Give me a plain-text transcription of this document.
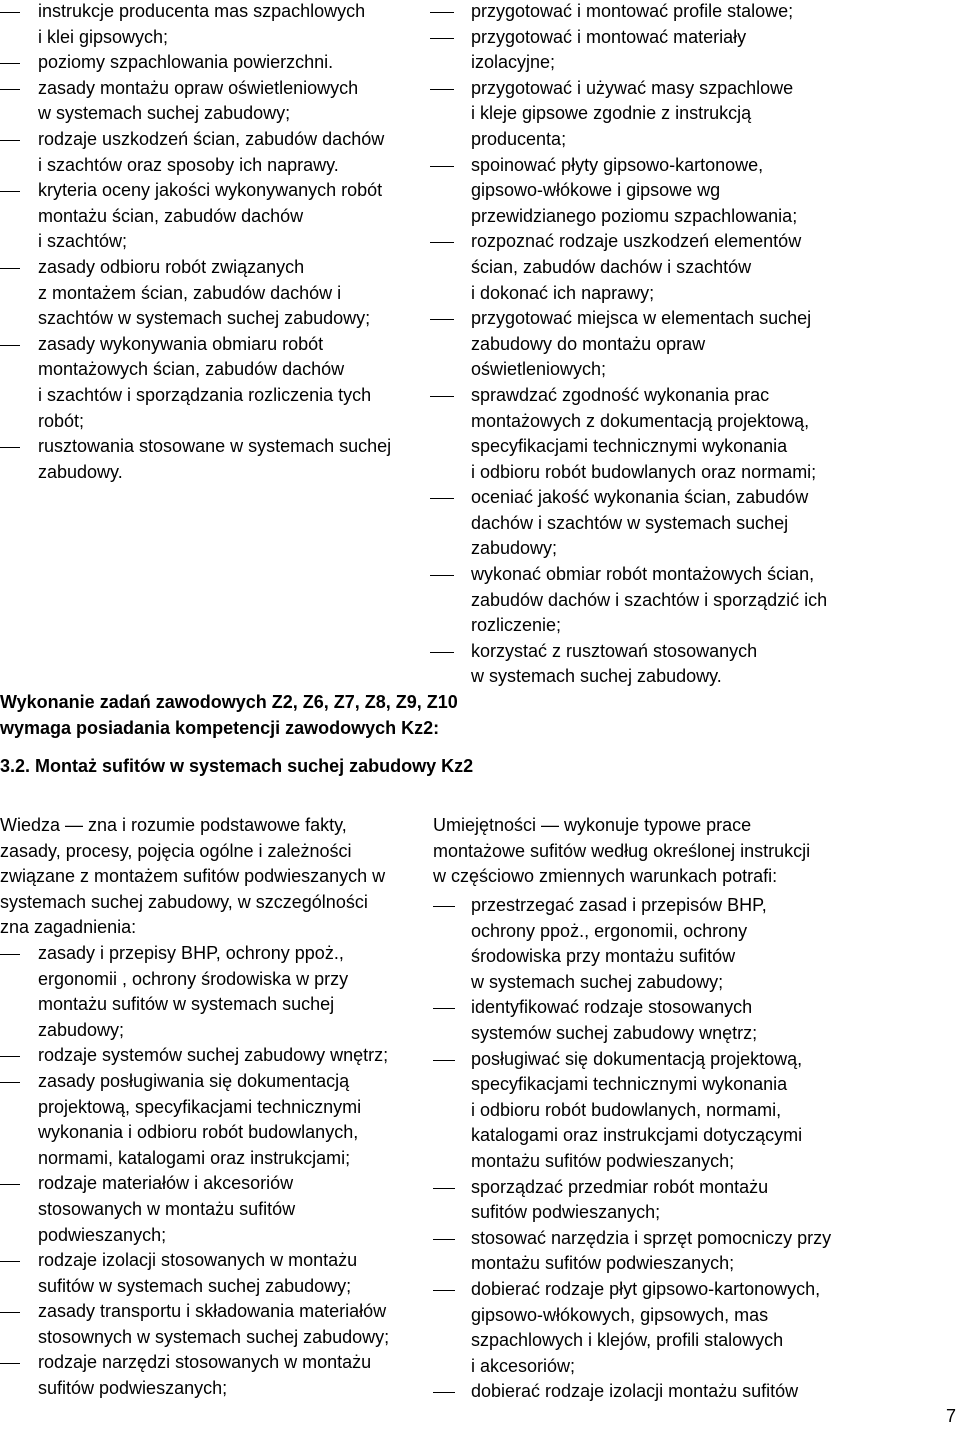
instrukcje producenta mas szpachlowych
i klei gipsowych;
poziomy szpachlowania powierzchni.
zasady montażu opraw oświetleniowych
w systemach suchej zabudowy;
rodzaje uszkodzeń ścian, zabudów dachów
i szachtów oraz sposoby ich naprawy.
kryteria oceny jakości wykonywanych robót
montażu ścian, zabudów dachów
i szachtów;
zasady odbioru robót związanych
z montażem ścian, zabudów dachów i
szachtów w systemach suchej zabudowy;
zasady wykonywania obmiaru robót
montażowych ścian, zabudów dachów
i szachtów i sporządzania rozliczenia tych
robót;
rusztowania stosowane w systemach suchej
zabudowy.
przygotować i montować profile stalowe;
przygotować i montować materiały
izolacyjne;
przygotować i używać masy szpachlowe
i kleje gipsowe zgodnie z instrukcją
producenta;
spoinować płyty gipsowo-kartonowe,
gipsowo-włókowe i gipsowe wg
przewidzianego poziomu szpachlowania;
rozpoznać rodzaje uszkodzeń elementów
ścian, zabudów dachów i szachtów
i dokonać ich naprawy;
przygotować miejsca w elementach suchej
zabudowy do montażu opraw
oświetleniowych;
sprawdzać zgodność wykonania prac
montażowych z dokumentacją projektową,
specyfikacjami technicznymi wykonania
i odbioru robót budowlanych oraz normami;
oceniać jakość wykonania ścian, zabudów
dachów i szachtów w systemach suchej
zabudowy;
wykonać obmiar robót montażowych ścian,
zabudów dachów i szachtów i sporządzić ich
rozliczenie;
korzystać z rusztowań stosowanych
w systemach suchej zabudowy.
Wykonanie zadań zawodowych Z2, Z6, Z7, Z8, Z9, Z10
wymaga posiadania kompetencji zawodowych Kz2:
3.2. Montaż sufitów w systemach suchej zabudowy Kz2
Wiedza — zna i rozumie podstawowe fakty,
zasady, procesy, pojęcia ogólne i zależności
związane z montażem sufitów podwieszanych w
systemach suchej zabudowy, w szczególności
zna zagadnienia:
zasady i przepisy BHP, ochrony ppoż.,
ergonomii , ochrony środowiska w przy
montażu sufitów w systemach suchej
zabudowy;
rodzaje systemów suchej zabudowy wnętrz;
zasady posługiwania się dokumentacją
projektową, specyfikacjami technicznymi
wykonania i odbioru robót budowlanych,
normami, katalogami oraz instrukcjami;
rodzaje materiałów i akcesoriów
stosowanych w montażu sufitów
podwieszanych;
rodzaje izolacji stosowanych w montażu
sufitów w systemach suchej zabudowy;
zasady transportu i składowania materiałów
stosownych w systemach suchej zabudowy;
rodzaje narzędzi stosowanych w montażu
sufitów podwieszanych;
Umiejętności — wykonuje typowe prace
montażowe sufitów według określonej instrukcji
w częściowo zmiennych warunkach potrafi:
przestrzegać zasad i przepisów BHP,
ochrony ppoż., ergonomii, ochrony
środowiska przy montażu sufitów
w systemach suchej zabudowy;
identyfikować rodzaje stosowanych
systemów suchej zabudowy wnętrz;
posługiwać się dokumentacją projektową,
specyfikacjami technicznymi wykonania
i odbioru robót budowlanych, normami,
katalogami oraz instrukcjami dotyczącymi
montażu sufitów podwieszanych;
sporządzać przedmiar robót montażu
sufitów podwieszanych;
stosować narzędzia i sprzęt pomocniczy przy
montażu sufitów podwieszanych;
dobierać rodzaje płyt gipsowo-kartonowych,
gipsowo-włókowych, gipsowych, mas
szpachlowych i klejów, profili stalowych
i akcesoriów;
dobierać rodzaje izolacji montażu sufitów
7
